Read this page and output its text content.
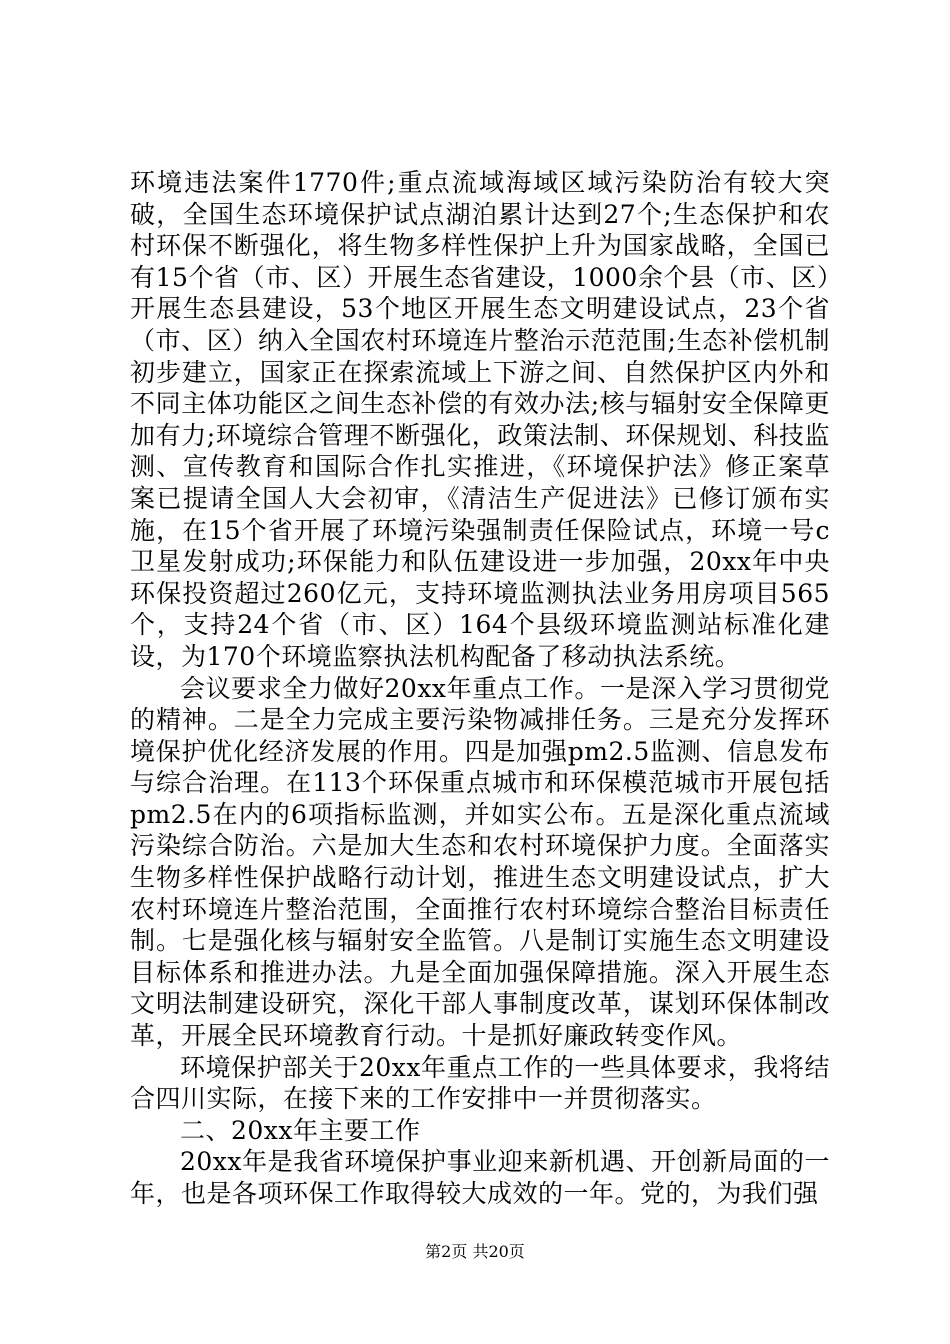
环境违法案件1770件;重点流域海域区域污染防治有较大突破，全国生态环境保护试点湖泊累计达到27个;生态保护和农村环保不断强化，将生物多样性保护上升为国家战略，全国已有15个省（市、区）开展生态省建设，1000余个县（市、区）开展生态县建设，53个地区开展生态文明建设试点，23个省（市、区）纳入全国农村环境连片整治示范范围;生态补偿机制初步建立，国家正在探索流域上下游之间、自然保护区内外和不同主体功能区之间生态补偿的有效办法;核与辐射安全保障更加有力;环境综合管理不断强化，政策法制、环保规划、科技监测、宣传教育和国际合作扎实推进，《环境保护法》修正案草案已提请全国人大会初审，《清洁生产促进法》已修订颁布实施，在15个省开展了环境污染强制责任保险试点，环境一号c卫星发射成功;环保能力和队伍建设进一步加强，20xx年中央环保投资超过260亿元，支持环境监测执法业务用房项目565个，支持24个省（市、区）164个县级环境监测站标准化建设，为170个环境监察执法机构配备了移动执法系统。

会议要求全力做好20xx年重点工作。一是深入学习贯彻党的精神。二是全力完成主要污染物减排任务。三是充分发挥环境保护优化经济发展的作用。四是加强pm2.5监测、信息发布与综合治理。在113个环保重点城市和环保模范城市开展包括pm2.5在内的6项指标监测，并如实公布。五是深化重点流域污染综合防治。六是加大生态和农村环境保护力度。全面落实生物多样性保护战略行动计划，推进生态文明建设试点，扩大农村环境连片整治范围，全面推行农村环境综合整治目标责任制。七是强化核与辐射安全监管。八是制订实施生态文明建设目标体系和推进办法。九是全面加强保障措施。深入开展生态文明法制建设研究，深化干部人事制度改革，谋划环保体制改革，开展全民环境教育行动。十是抓好廉政转变作风。

环境保护部关于20xx年重点工作的一些具体要求，我将结合四川实际，在接下来的工作安排中一并贯彻落实。

二、20xx年主要工作

20xx年是我省环境保护事业迎来新机遇、开创新局面的一年，也是各项环保工作取得较大成效的一年。党的，为我们强

第2页 共20页
